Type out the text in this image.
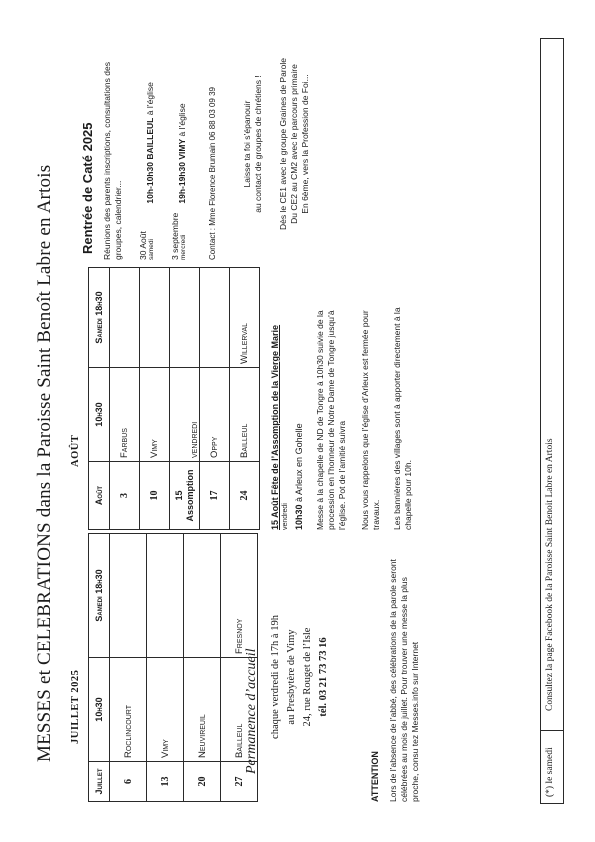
MESSES et CELEBRATIONS dans la Paroisse Saint Benoît Labre en Artois	JUILLET 2025
AOÛT
Juillet	10h30	Samedi 18h30
6	Roclincourt	
13	Vimy	
20	Neuvireuil	
27	Bailleul	Fresnoy
Août	10h30	Samedi 18h30
3	Farbus	
10	Vimy	

15 Assomption	VENDREDI	
17	Oppy	
24	Bailleul	Willerval
Permanence d’accueil chaque verdredi de 17h à 19h au Presbytère de Vimy 24, rue Rouget de l’Isle tél. 03 21 73 73 16
ATTENTION Lors de l’absence de l’abbé, des célébrations de la parole seront célébrées au mois de juillet. Pour trouver une messe la plus proche, consu tez Messes.info sur Internet
15 Août Fête de l’Assomption de la Vierge Marie vendredi 10h30 à Arleux en Gohelle Messe à la chapelle de ND de Tongre à 10h30 suivie de la procession en l’honneur de Notre Dame de Tongre jusqu’à l’église. Pot de l’amitié suivra Nous vous rappelons que l’église d’Arleux est fermée pour travaux. Les bannières des villages sont à apporter directement à la chapelle pour 10h.
Rentrée de Caté 2025 Réunions des parents inscriptions, consultations des groupes, calendrier... 30 Août samedi
10h-10h30 BAILLEUL à l’église
3 septembre mercredi
19h-19h30 VIMY à l’église	Contact : Mme Florence Brumain 06 88 03 09 39	Laisse ta foi s’épanouir au contact de groupes de chrétiens ! Dès le CE1 avec le groupe Graines de Parole Du CE2 au CM2 avec le parcours primaire En 6ème, vers la Profession de Foi...
(*) le samedi
Consultez la page Facebook de la Paroisse Saint Benoit Labre en Artois
